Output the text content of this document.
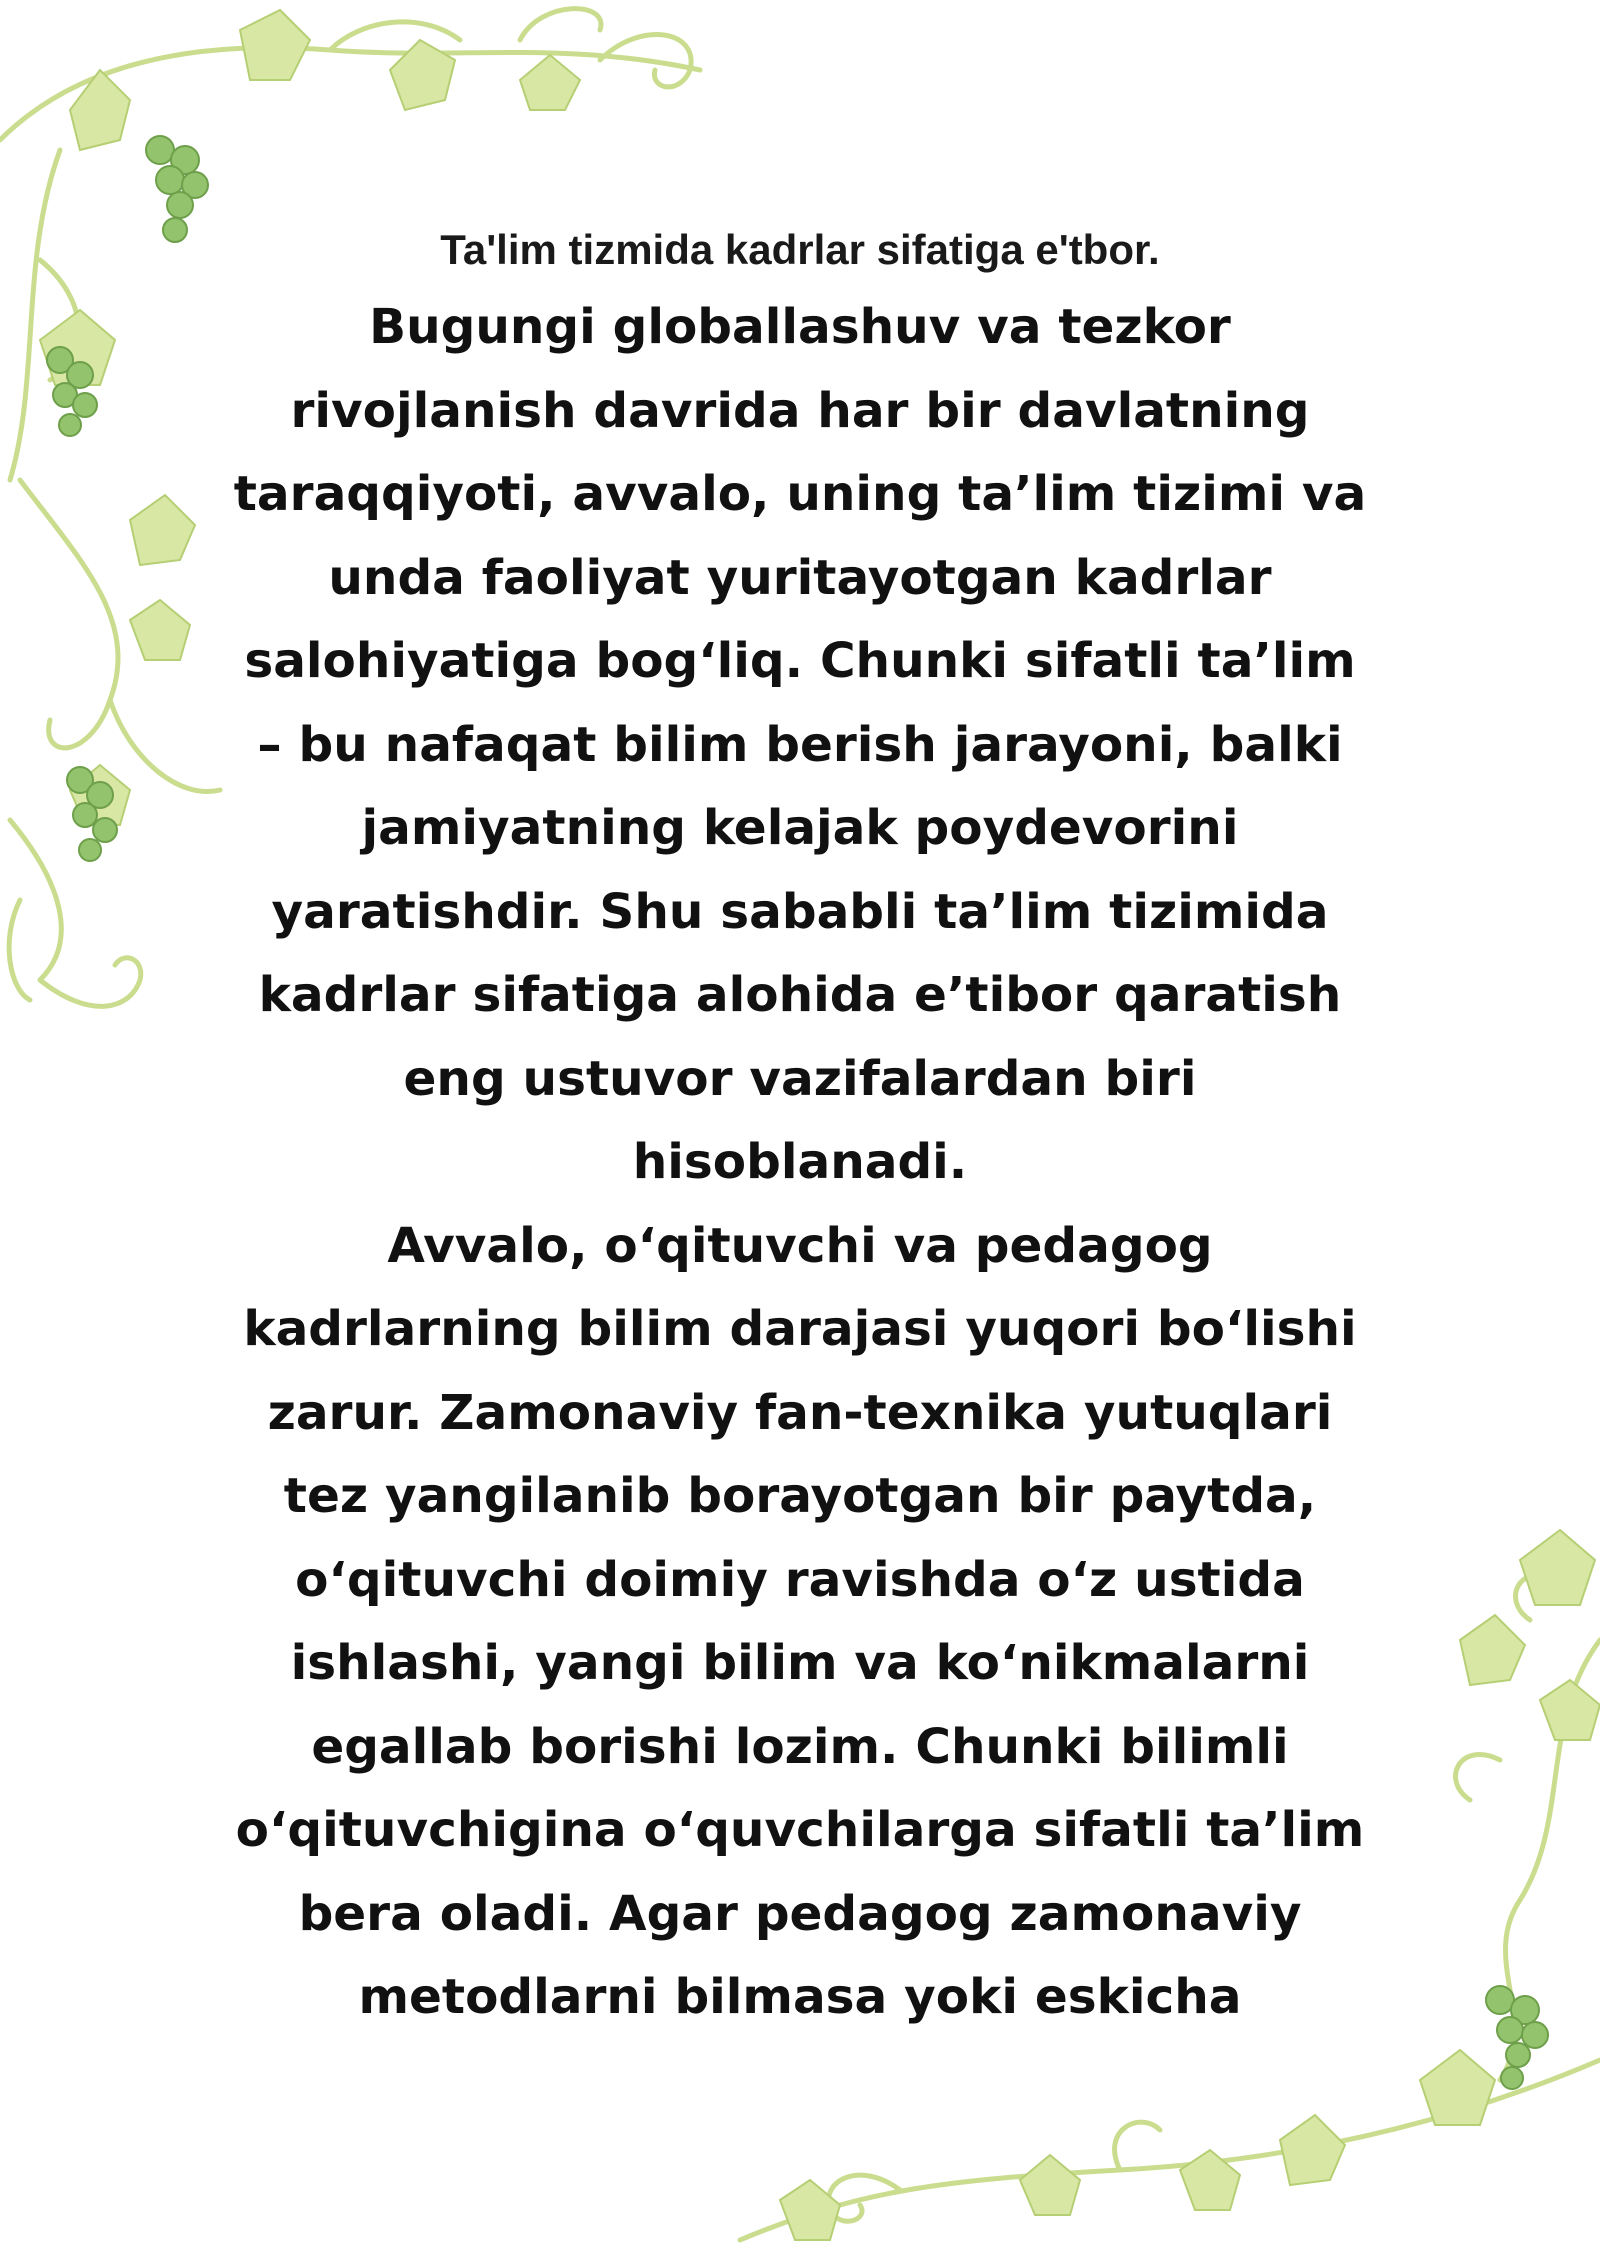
Ta'lim tizmida kadrlar sifatiga e'tbor.

Bugungi globallashuv va tezkor
rivojlanish davrida har bir davlatning
taraqqiyoti, avvalo, uning ta’lim tizimi va
unda faoliyat yuritayotgan kadrlar
salohiyatiga bog‘liq. Chunki sifatli ta’lim
– bu nafaqat bilim berish jarayoni, balki
jamiyatning kelajak poydevorini
yaratishdir. Shu sababli ta’lim tizimida
kadrlar sifatiga alohida e’tibor qaratish
eng ustuvor vazifalardan biri
hisoblanadi.

Avvalo, o‘qituvchi va pedagog
kadrlarning bilim darajasi yuqori bo‘lishi
zarur. Zamonaviy fan-texnika yutuqlari
tez yangilanib borayotgan bir paytda,
o‘qituvchi doimiy ravishda o‘z ustida
ishlashi, yangi bilim va ko‘nikmalarni
egallab borishi lozim. Chunki bilimli
o‘qituvchigina o‘quvchilarga sifatli ta’lim
bera oladi. Agar pedagog zamonaviy
metodlarni bilmasa yoki eskicha
